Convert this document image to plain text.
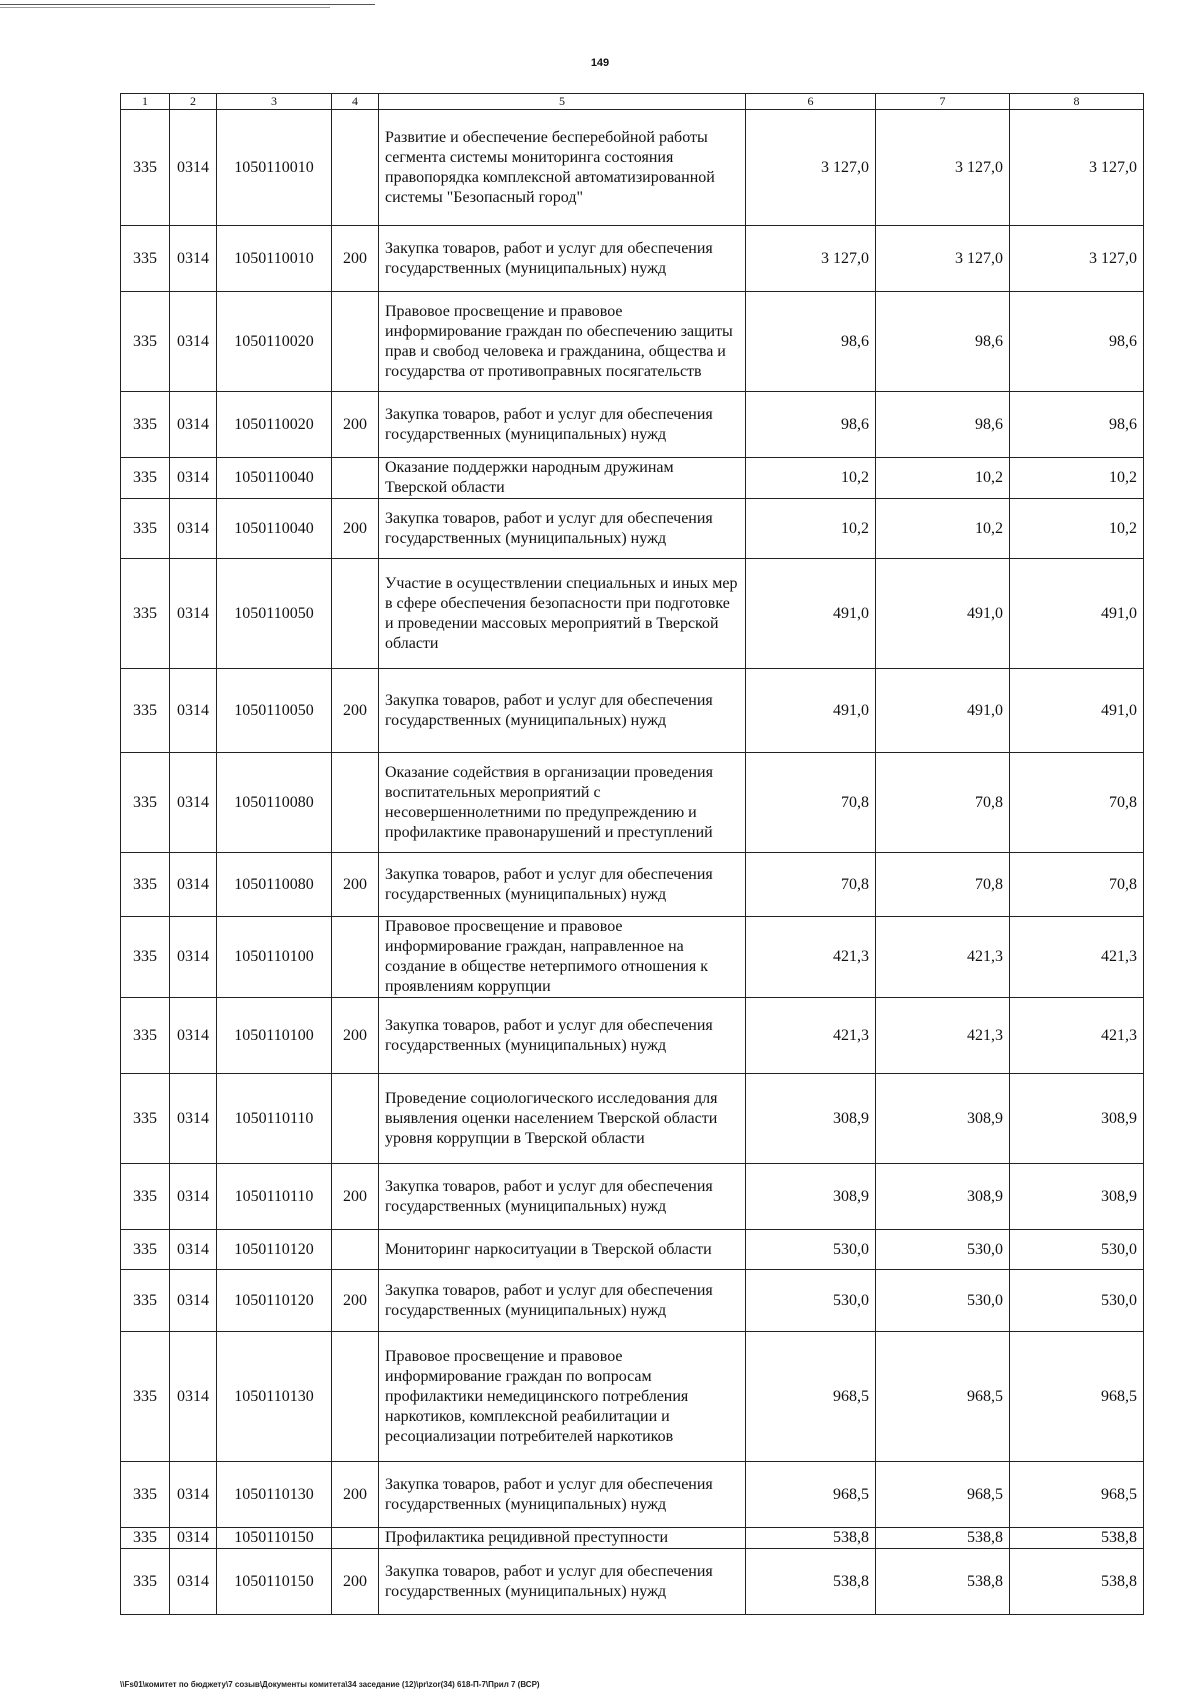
149
1	2	3	4	5	6	7	8
335	0314	1050110010		Развитие и обеспечение бесперебойной работы сегмента системы мониторинга состояния правопорядка комплексной автоматизированной системы "Безопасный город"	3 127,0	3 127,0	3 127,0
335	0314	1050110010	200	Закупка товаров, работ и услуг для обеспечения государственных (муниципальных) нужд	3 127,0	3 127,0	3 127,0
335	0314	1050110020		Правовое просвещение и правовое информирование граждан по обеспечению защиты прав и свобод человека и гражданина, общества и государства от противоправных посягательств	98,6	98,6	98,6
335	0314	1050110020	200	Закупка товаров, работ и услуг для обеспечения государственных (муниципальных) нужд	98,6	98,6	98,6
335	0314	1050110040		Оказание поддержки народным дружинам Тверской области	10,2	10,2	10,2
335	0314	1050110040	200	Закупка товаров, работ и услуг для обеспечения государственных (муниципальных) нужд	10,2	10,2	10,2
335	0314	1050110050		Участие в осуществлении специальных и иных мер в сфере обеспечения безопасности при подготовке и проведении массовых мероприятий в Тверской области	491,0	491,0	491,0
335	0314	1050110050	200	Закупка товаров, работ и услуг для обеспечения государственных (муниципальных) нужд	491,0	491,0	491,0
335	0314	1050110080		Оказание содействия в организации проведения воспитательных мероприятий с несовершеннолетними по предупреждению и профилактике правонарушений и преступлений	70,8	70,8	70,8
335	0314	1050110080	200	Закупка товаров, работ и услуг для обеспечения государственных (муниципальных) нужд	70,8	70,8	70,8
335	0314	1050110100		Правовое просвещение и правовое информирование граждан, направленное на создание в обществе нетерпимого отношения к проявлениям коррупции	421,3	421,3	421,3
335	0314	1050110100	200	Закупка товаров, работ и услуг для обеспечения государственных (муниципальных) нужд	421,3	421,3	421,3
335	0314	1050110110		Проведение социологического исследования для выявления оценки населением Тверской области уровня коррупции в Тверской области	308,9	308,9	308,9
335	0314	1050110110	200	Закупка товаров, работ и услуг для обеспечения государственных (муниципальных) нужд	308,9	308,9	308,9
335	0314	1050110120		Мониторинг наркоситуации в Тверской области	530,0	530,0	530,0
335	0314	1050110120	200	Закупка товаров, работ и услуг для обеспечения государственных (муниципальных) нужд	530,0	530,0	530,0
335	0314	1050110130		Правовое просвещение и правовое информирование граждан по вопросам профилактики немедицинского потребления наркотиков, комплексной реабилитации и ресоциализации потребителей наркотиков	968,5	968,5	968,5
335	0314	1050110130	200	Закупка товаров, работ и услуг для обеспечения государственных (муниципальных) нужд	968,5	968,5	968,5
335	0314	1050110150		Профилактика рецидивной преступности	538,8	538,8	538,8
335	0314	1050110150	200	Закупка товаров, работ и услуг для обеспечения государственных (муниципальных) нужд	538,8	538,8	538,8
\\Fs01\комитет по бюджету\7 созыв\Документы комитета\34 заседание (12)\pr\zor(34) 618-П-7\Прил 7 (ВСР)
